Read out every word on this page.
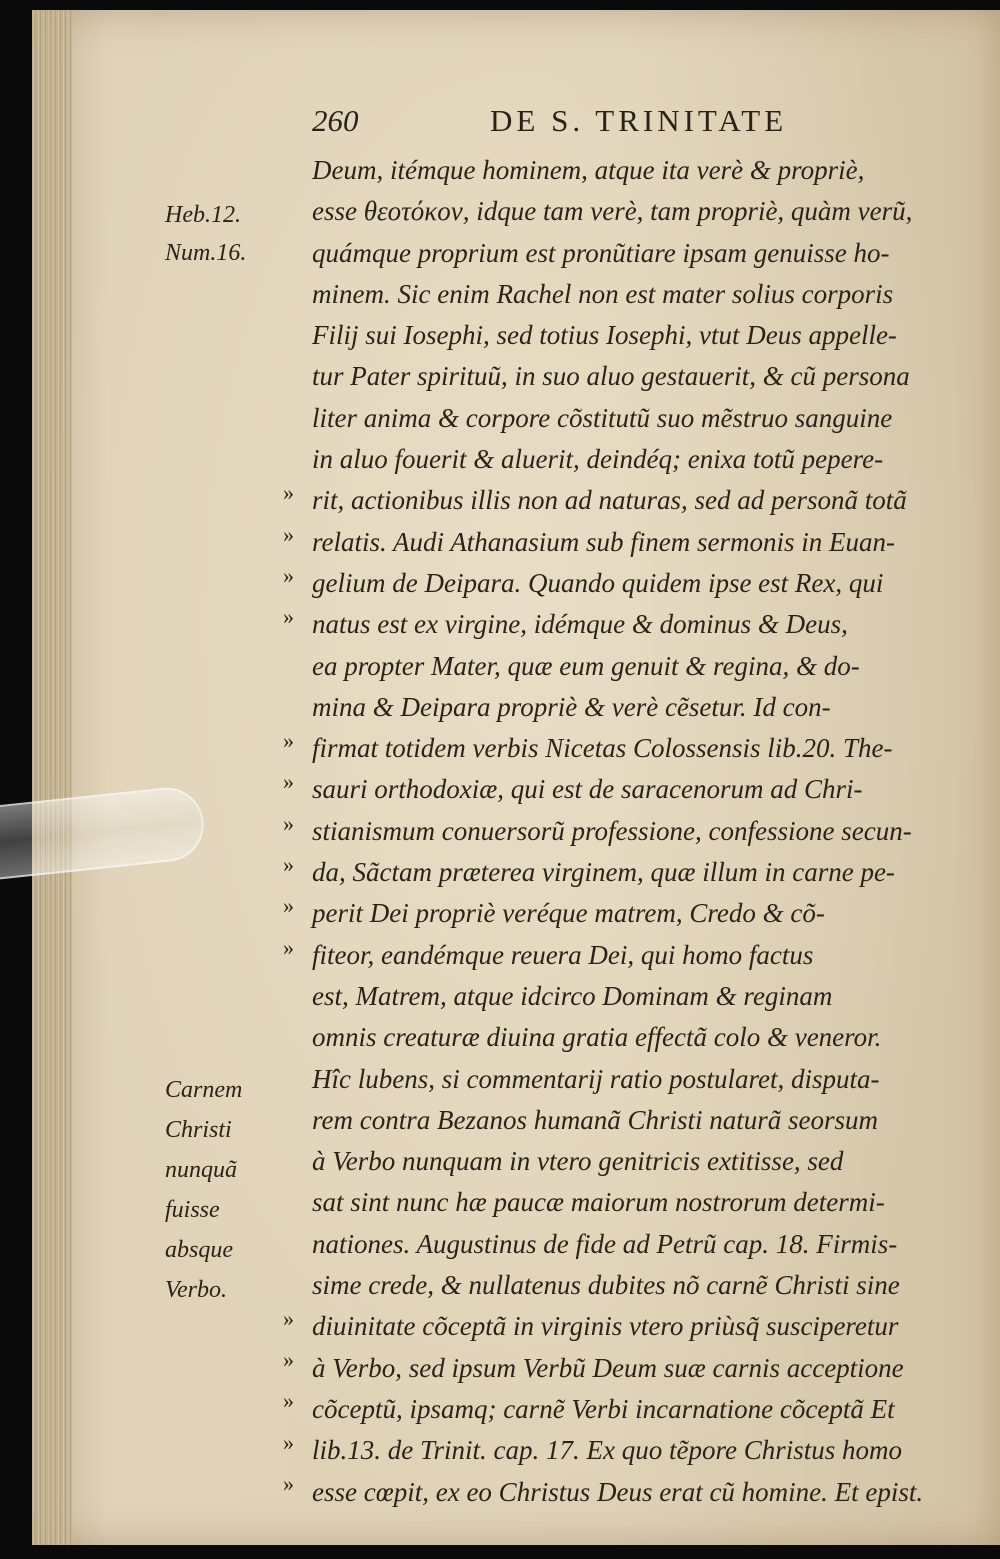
260	DE S. TRINITATE
Heb.12.
Num.16.
Carnem
Christi
nunquã
fuisse
absque
Verbo.
»
»
»
»
»
»
»
»
»
»
»
»
»
»
»
Deum, itémque hominem, atque ita verè & propriè,
esse θεοτόκον, idque tam verè, tam propriè, quàm verũ,
quámque proprium est pronũtiare ipsam genuisse ho-
minem. Sic enim Rachel non est mater solius corporis
Filij sui Iosephi, sed totius Iosephi, vtut Deus appelle-
tur Pater spirituũ, in suo aluo gestauerit, & cũ persona
liter anima & corpore cõstitutũ suo mẽstruo sanguine
in aluo fouerit & aluerit, deindéq; enixa totũ pepere-
rit, actionibus illis non ad naturas, sed ad personã totã
relatis. Audi Athanasium sub finem sermonis in Euan-
gelium de Deipara. Quando quidem ipse est Rex, qui
natus est ex virgine, idémque & dominus & Deus,
ea propter Mater, quæ eum genuit & regina, & do-
mina & Deipara propriè & verè cẽsetur. Id con-
firmat totidem verbis Nicetas Colossensis lib.20. The-
sauri orthodoxiæ, qui est de saracenorum ad Chri-
stianismum conuersorũ professione, confessione secun-
da, Sãctam præterea virginem, quæ illum in carne pe-
perit Dei propriè veréque matrem, Credo & cõ-
fiteor, eandémque reuera Dei, qui homo factus
est, Matrem, atque idcirco Dominam & reginam
omnis creaturæ diuina gratia effectã colo & veneror.
Hîc lubens, si commentarij ratio postularet, disputa-
rem contra Bezanos humanã Christi naturã seorsum
à Verbo nunquam in vtero genitricis extitisse, sed
sat sint nunc hæ paucæ maiorum nostrorum determi-
nationes. Augustinus de fide ad Petrũ cap. 18. Firmis-
sime crede, & nullatenus dubites nõ carnẽ Christi sine
diuinitate cõceptã in virginis vtero priùsq̃ susciperetur
à Verbo, sed ipsum Verbũ Deum suæ carnis acceptione
cõceptũ, ipsamq; carnẽ Verbi incarnatione cõceptã Et
lib.13. de Trinit. cap. 17. Ex quo tẽpore Christus homo
esse cœpit, ex eo Christus Deus erat cũ homine. Et epist.
